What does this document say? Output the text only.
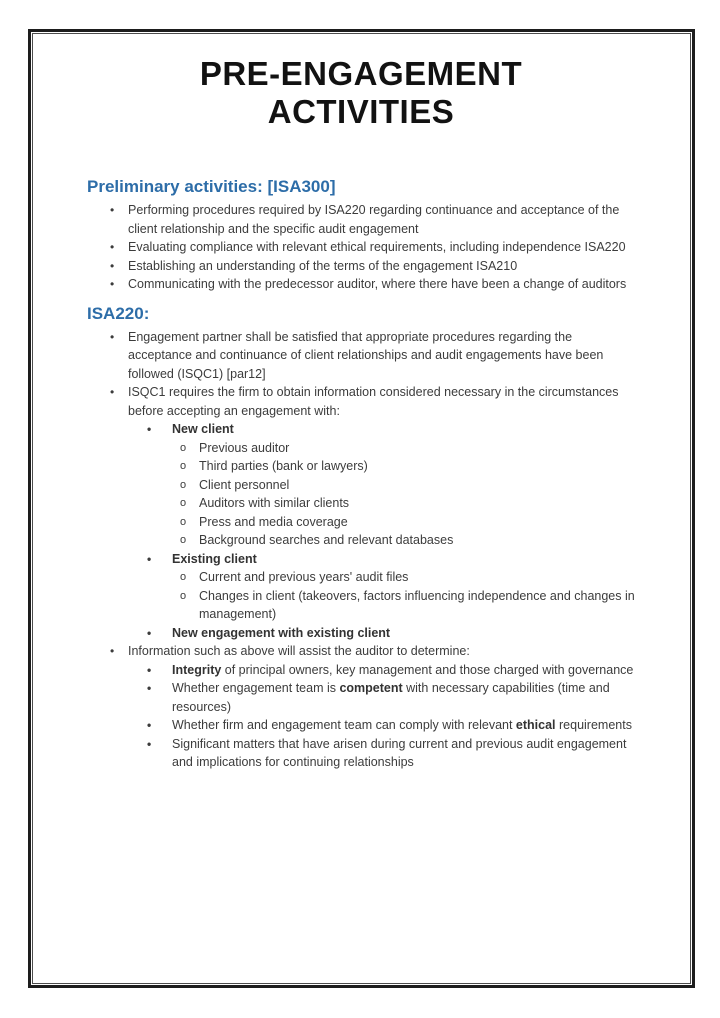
PRE-ENGAGEMENT
ACTIVITIES
Preliminary activities: [ISA300]
•	Performing procedures required by ISA220 regarding continuance and acceptance of the client relationship and the specific audit engagement
•	Evaluating compliance with relevant ethical requirements, including independence ISA220
•	Establishing an understanding of the terms of the engagement ISA210
•	Communicating with the predecessor auditor, where there have been a change of auditors
ISA220:
•	Engagement partner shall be satisfied that appropriate procedures regarding the acceptance and continuance of client relationships and audit engagements have been followed (ISQC1) [par12]
•	ISQC1 requires the firm to obtain information considered necessary in the circumstances before accepting an engagement with:
•	New client
o	Previous auditor
o	Third parties (bank or lawyers)
o	Client personnel
o	Auditors with similar clients
o	Press and media coverage
o	Background searches and relevant databases
•	Existing client
o	Current and previous years' audit files
o	Changes in client (takeovers, factors influencing independence and changes in management)
•	New engagement with existing client
•	Information such as above will assist the auditor to determine:
•	Integrity of principal owners, key management and those charged with governance
•	Whether engagement team is competent with necessary capabilities (time and resources)
•	Whether firm and engagement team can comply with relevant ethical requirements
•	Significant matters that have arisen during current and previous audit engagement and implications for continuing relationships
